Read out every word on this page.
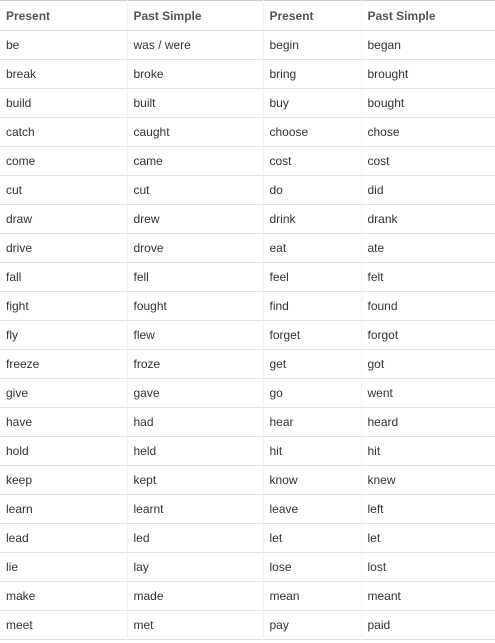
Present	Past Simple	Present	Past Simple
be	was / were	begin	began
break	broke	bring	brought
build	built	buy	bought
catch	caught	choose	chose
come	came	cost	cost
cut	cut	do	did
draw	drew	drink	drank
drive	drove	eat	ate
fall	fell	feel	felt
fight	fought	find	found
fly	flew	forget	forgot
freeze	froze	get	got
give	gave	go	went
have	had	hear	heard
hold	held	hit	hit
keep	kept	know	knew
learn	learnt	leave	left
lead	led	let	let
lie	lay	lose	lost
make	made	mean	meant
meet	met	pay	paid
